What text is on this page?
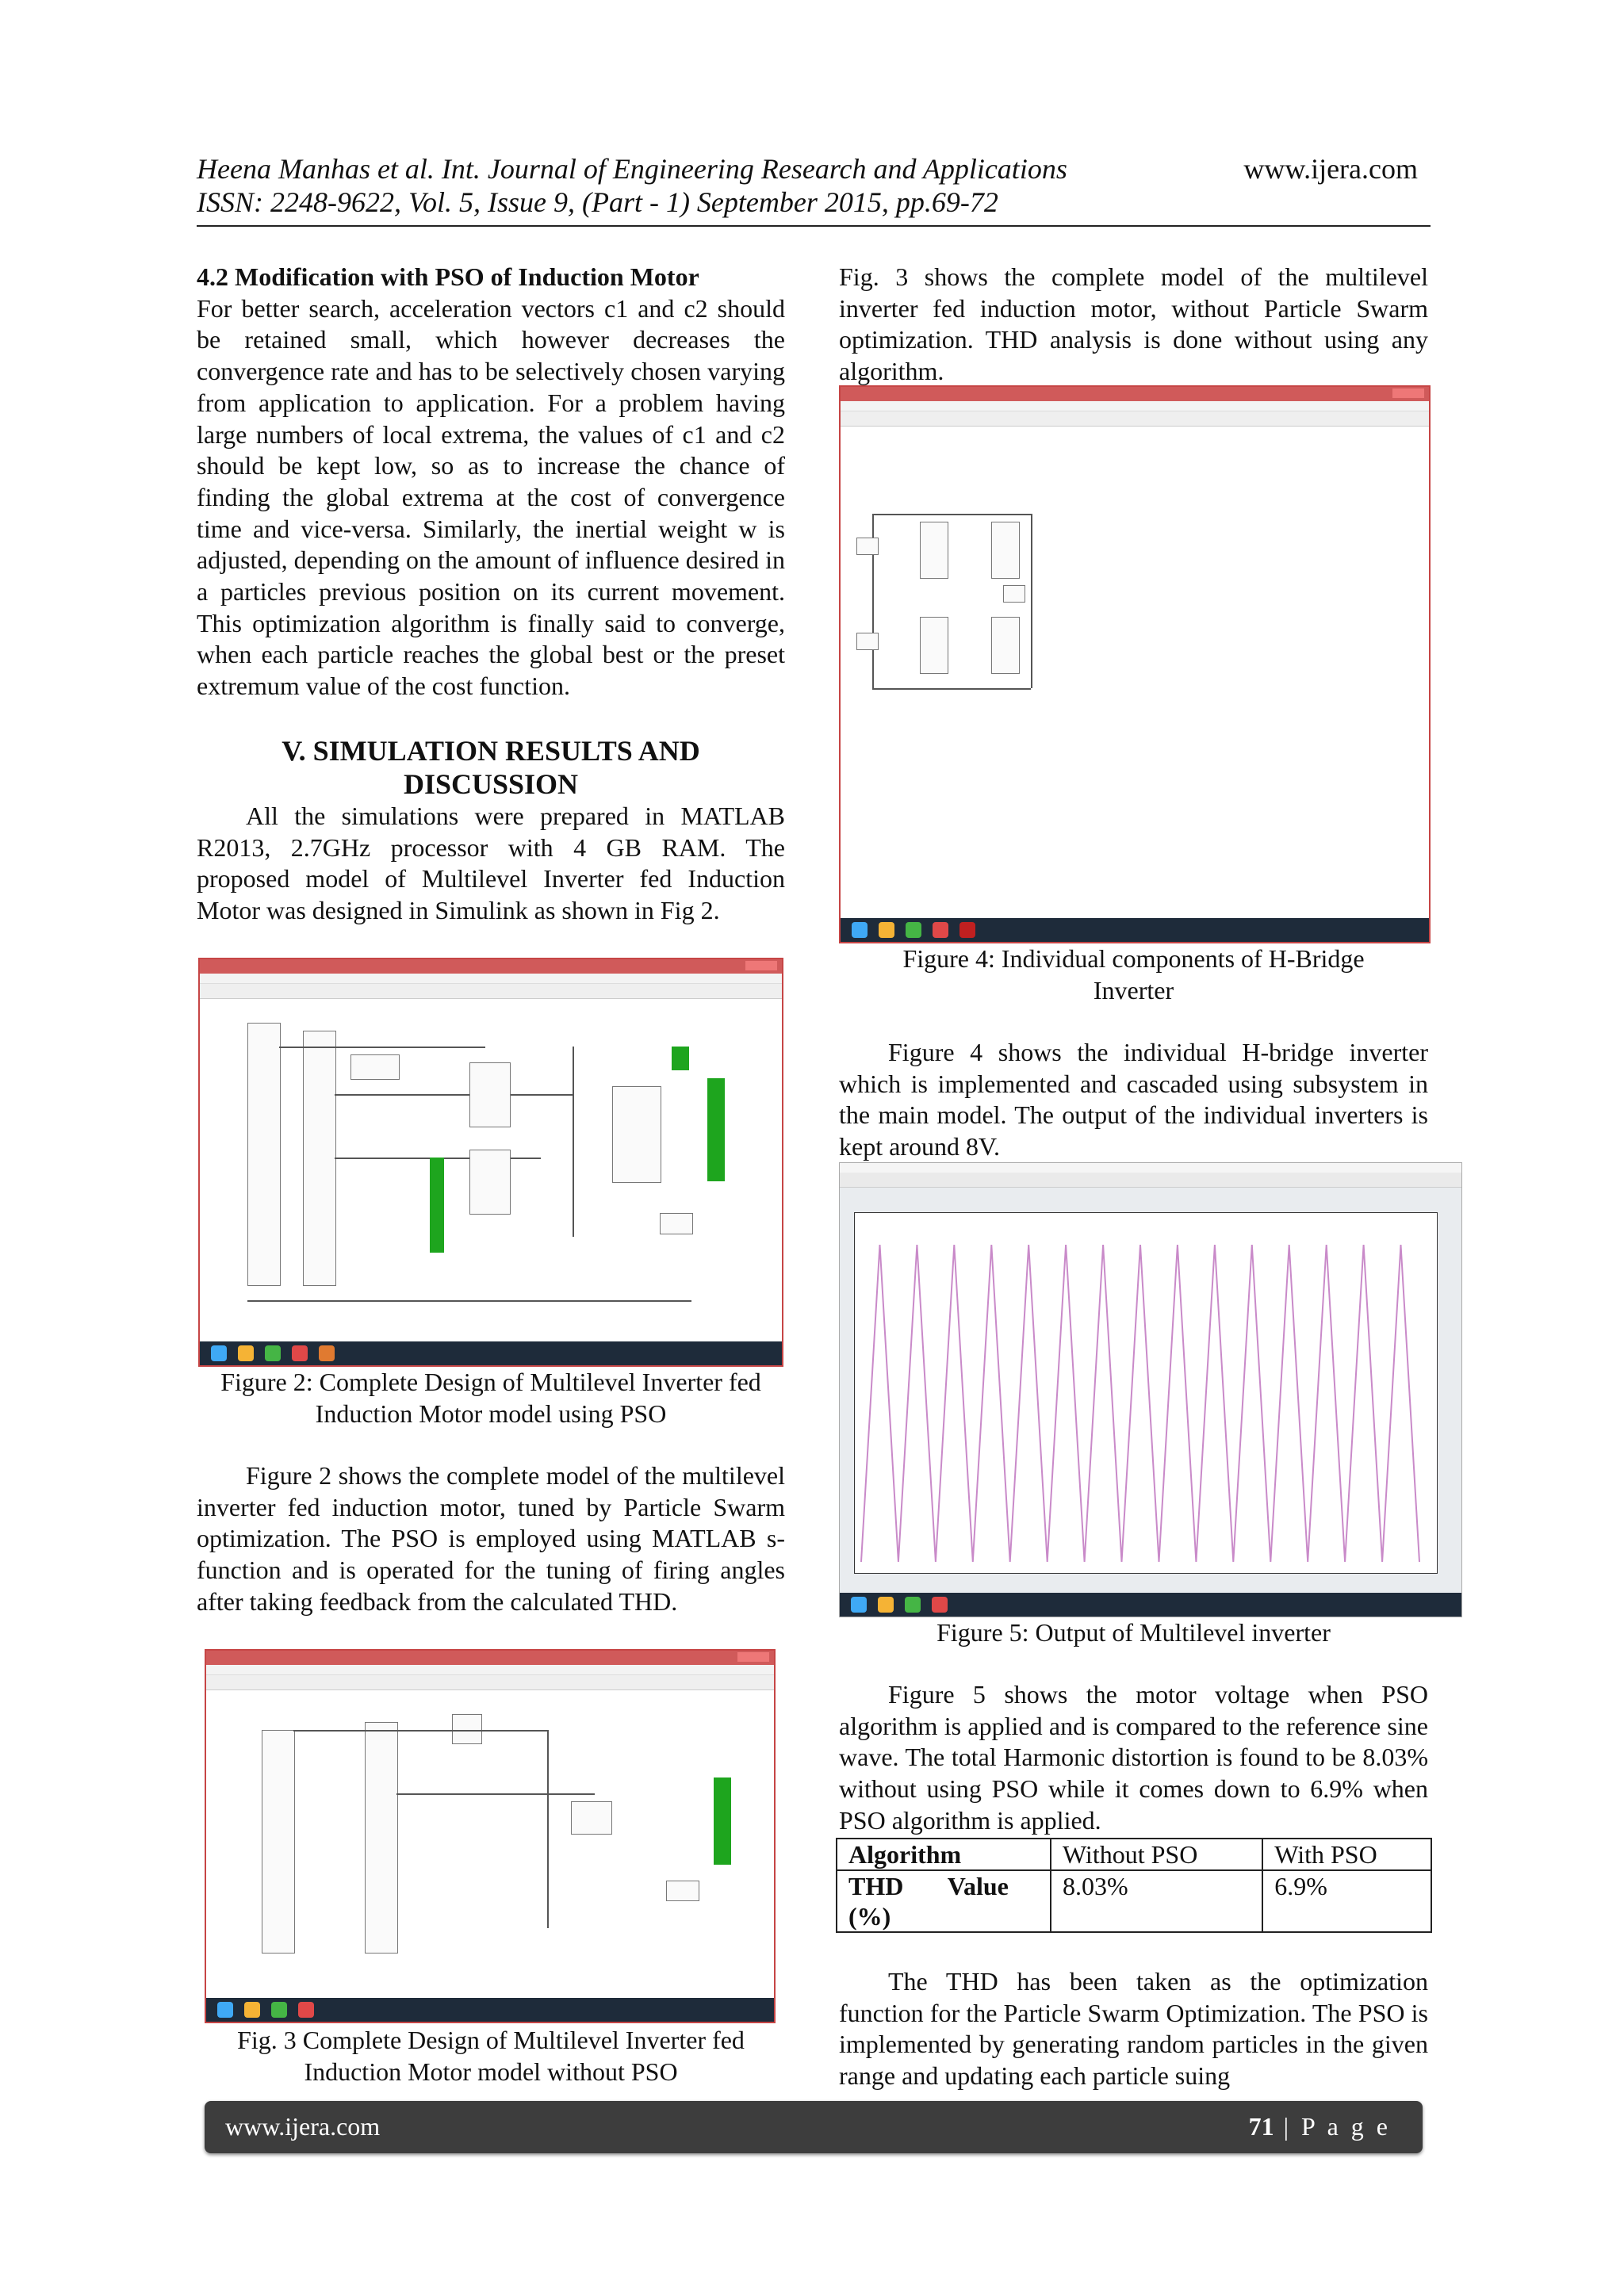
Heena Manhas et al. Int. Journal of Engineering Research and Applications	www.ijera.com
ISSN: 2248-9622, Vol. 5, Issue 9, (Part - 1) September 2015, pp.69-72

4.2 Modification with PSO of Induction Motor

For better search, acceleration vectors c1 and c2 should be retained small, which however decreases the convergence rate and has to be selectively chosen varying from application to application. For a problem having large numbers of local extrema, the values of c1 and c2 should be kept low, so as to increase the chance of finding the global extrema at the cost of convergence time and vice-versa. Similarly, the inertial weight w is adjusted, depending on the amount of influence desired in a particles previous position on its current movement. This optimization algorithm is finally said to converge, when each particle reaches the global best or the preset extremum value of the cost function.

V. SIMULATION RESULTS AND
DISCUSSION

All the simulations were prepared in MATLAB R2013, 2.7GHz processor with 4 GB RAM. The proposed model of Multilevel Inverter fed Induction Motor was designed in Simulink as shown in Fig 2.

Figure 2: Complete Design of Multilevel Inverter fed
Induction Motor model using PSO

Figure 2 shows the complete model of the multilevel inverter fed induction motor, tuned by Particle Swarm optimization. The PSO is employed using MATLAB s-function and is operated for the tuning of firing angles after taking feedback from the calculated THD.

Fig. 3 Complete Design of Multilevel Inverter fed
Induction Motor model without PSO

Fig. 3 shows the complete model of the multilevel inverter fed induction motor, without Particle Swarm optimization. THD analysis is done without using any algorithm.

Figure 4: Individual components of H-Bridge
Inverter

Figure 4 shows the individual H-bridge inverter which is implemented and cascaded using subsystem in the main model. The output of the individual inverters is kept around 8V.

Figure 5: Output of Multilevel inverter

Figure 5 shows the motor voltage when PSO algorithm is applied and is compared to the reference sine wave. The total Harmonic distortion is found to be 8.03% without using PSO while it comes down to 6.9% when PSO algorithm is applied.

Algorithm	Without PSO	With PSO

THD       Value
(%)	8.03%	6.9%

The THD has been taken as the optimization function for the Particle Swarm Optimization. The PSO is implemented by generating random particles in the given range and updating each particle suing

www.ijera.com	71 | P a g e
